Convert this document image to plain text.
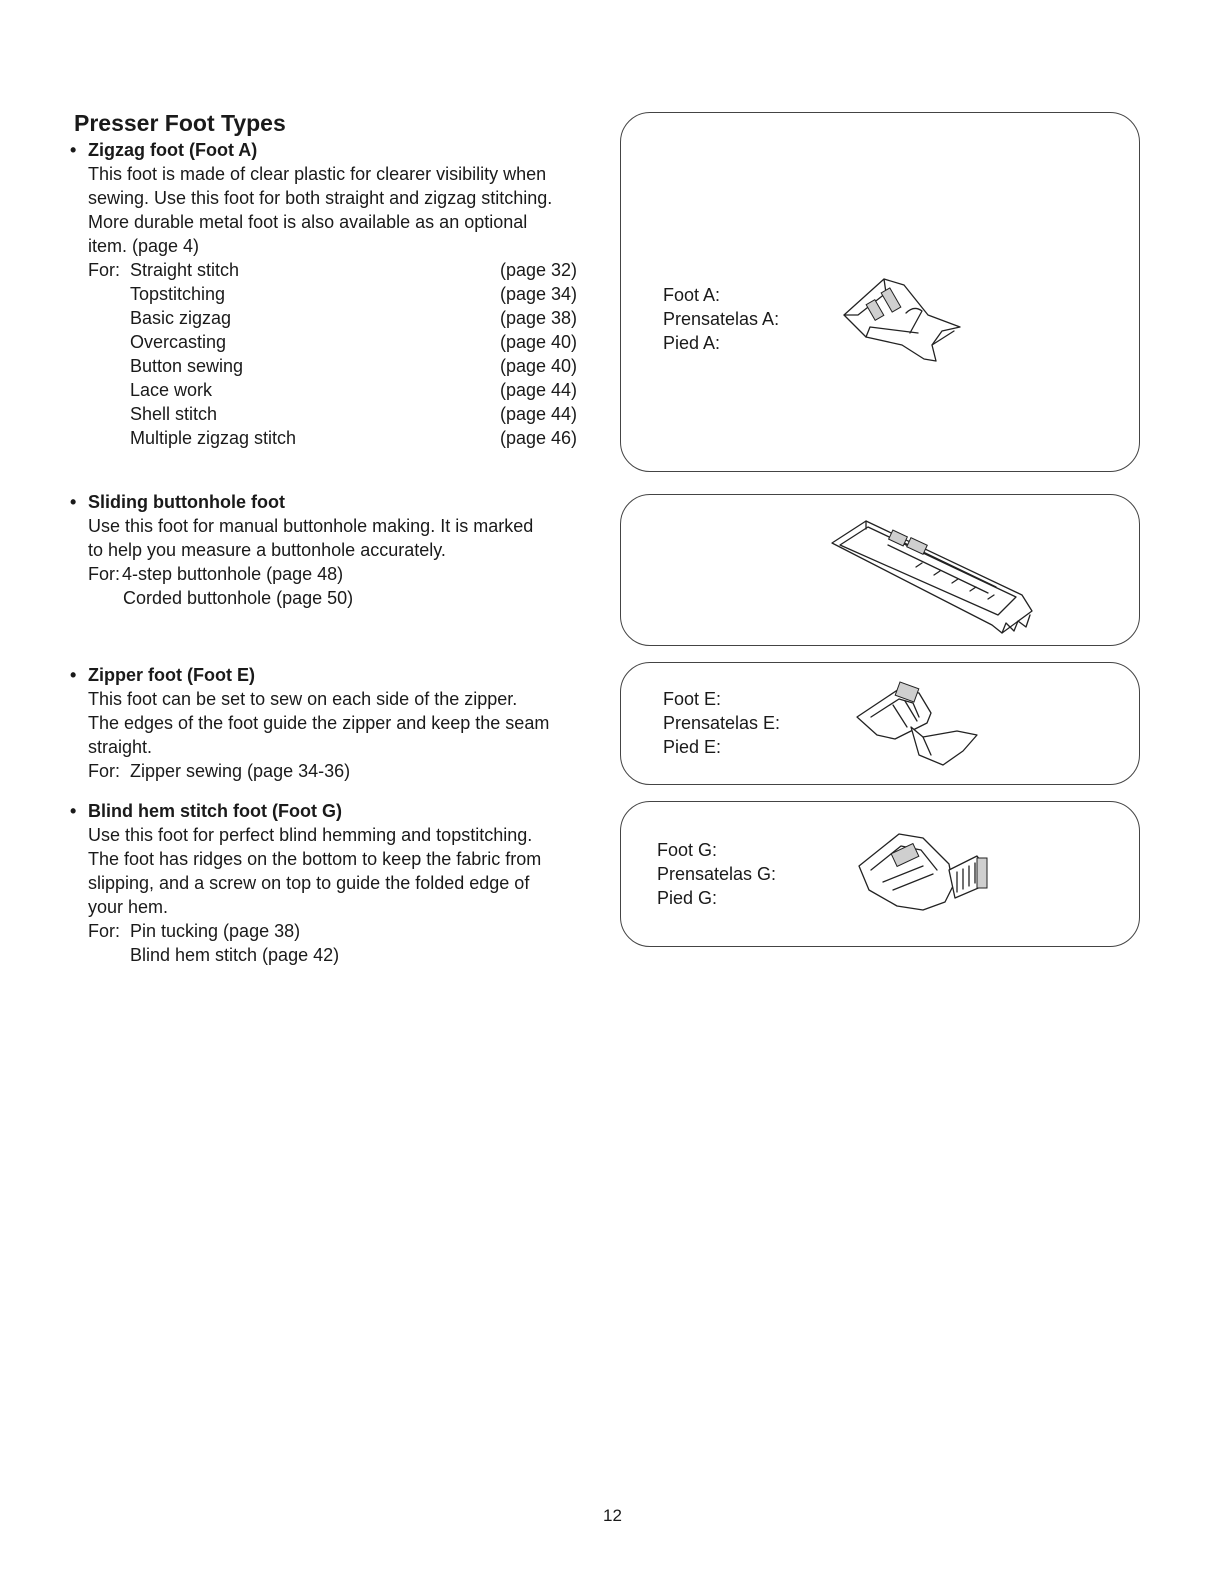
Presser Foot Types
• Zigzag foot (Foot A)
This foot is made of clear plastic for clearer visibility when
sewing. Use this foot for both straight and zigzag stitching.
More durable metal foot is also available as an optional
item. (page 4)
For: Straight stitch	(page 32)
Topstitching	(page 34)
Basic zigzag	(page 38)
Overcasting	(page 40)
Button sewing	(page 40)
Lace work	(page 44)
Shell stitch	(page 44)
Multiple zigzag stitch	(page 46)
• Sliding buttonhole foot
Use this foot for manual buttonhole making. It is marked
to help you measure a buttonhole accurately.
For: 4-step buttonhole (page 48)
Corded buttonhole (page 50)
• Zipper foot (Foot E)
This foot can be set to sew on each side of the zipper.
The edges of the foot guide the zipper and keep the seam
straight.
For: Zipper sewing (page 34-36)
• Blind hem stitch foot (Foot G)
Use this foot for perfect blind hemming and topstitching.
The foot has ridges on the bottom to keep the fabric from
slipping, and a screw on top to guide the folded edge of
your hem.
For: Pin tucking (page 38)
Blind hem stitch (page 42)
Foot A:
Prensatelas A:
Pied A:
Foot E:
Prensatelas E:
Pied E:
Foot G:
Prensatelas G:
Pied G:
12
